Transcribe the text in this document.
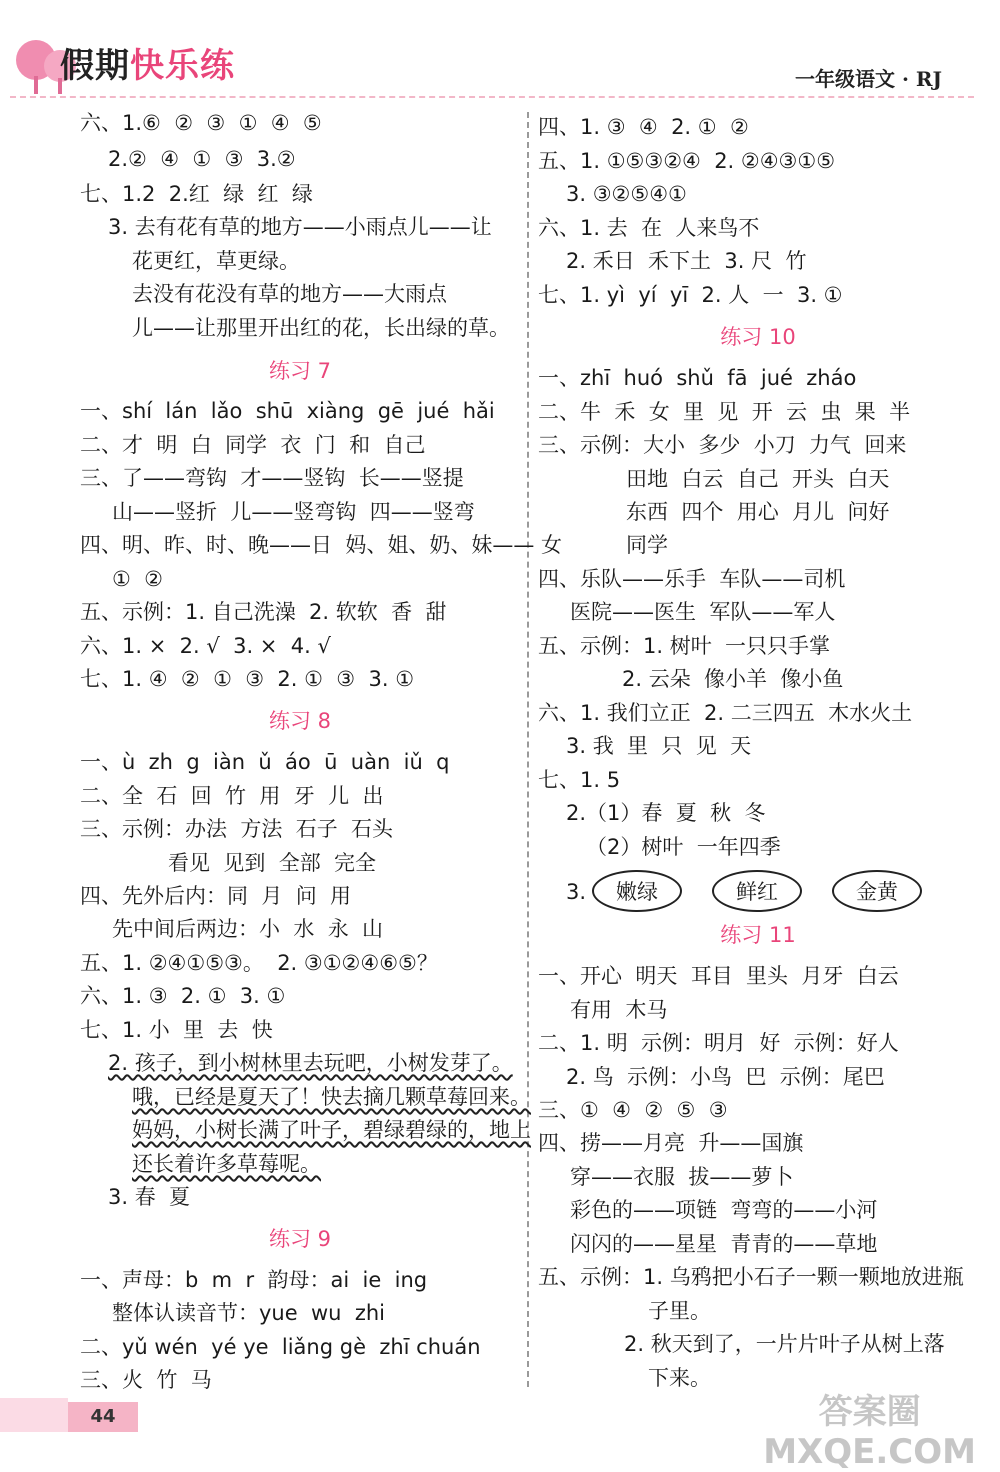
假期快乐练	一年级语文 · RJ
六、1.⑥  ②  ③  ①  ④  ⑤
2.②  ④  ①  ③  3.②
七、1.2  2.红  绿  红  绿
3. 去有花有草的地方——小雨点儿——让
花更红，草更绿。
去没有花没有草的地方——大雨点
儿——让那里开出红的花，长出绿的草。
一、shí  lán  lǎo  shū  xiàng  gē  jué  hǎi
二、才  明  白  同学  衣  门  和  自己
三、了——弯钩  才——竖钩  长——竖提
山——竖折  儿——竖弯钩  四——竖弯
四、明、昨、时、晚——日  妈、姐、奶、妹—— 女
①  ②
五、示例：1. 自己洗澡  2. 软软  香  甜
六、1. ×  2. √  3. ×  4. √
七、1. ④  ②  ①  ③  2. ①  ③  3. ①
一、ù  zh  g  iàn  ǔ  áo  ū  uàn  iǔ  q
二、全  石  回  竹  用  牙  儿  出
三、示例：办法  方法  石子  石头
看见  见到  全部  完全
四、先外后内：同  月  问  用
先中间后两边：小  水  永  山
五、1. ②④①⑤③。  2. ③①②④⑥⑤？
六、1. ③  2. ①  3. ①
七、1. 小  里  去  快
2. 孩子，到小树林里去玩吧，小树发芽了。
哦，已经是夏天了！快去摘几颗草莓回来。
妈妈，小树长满了叶子，碧绿碧绿的，地上
还长着许多草莓呢。
3. 春  夏
一、声母：b  m  r  韵母：ai  ie  ing
整体认读音节：yue  wu  zhi
二、yǔ wén  yé ye  liǎng gè  zhī chuán
三、火  竹  马
练习 7
练习 8
练习 9
3.	嫩绿	鲜红	金黄
四、1. ③  ④  2. ①  ②
五、1. ①⑤③②④  2. ②④③①⑤
3. ③②⑤④①
六、1. 去  在  人来鸟不
2. 禾日  禾下土  3. 尺  竹
七、1. yì  yí  yī  2. 人  一  3. ①
一、zhī  huó  shǔ  fā  jué  zháo
二、牛  禾  女  里  见  开  云  虫  果  半
三、示例：大小  多少  小刀  力气  回来
田地  白云  自己  开头  白天
东西  四个  用心  月儿  问好
同学
四、乐队——乐手  车队——司机
医院——医生  军队——军人
五、示例：1. 树叶  一只只手掌
2. 云朵  像小羊  像小鱼
六、1. 我们立正  2. 二三四五  木水火土
3. 我  里  只  见  天
七、1. 5
2.（1）春  夏  秋  冬
（2）树叶  一年四季
一、开心  明天  耳目  里头  月牙  白云
有用  木马
二、1. 明  示例：明月  好  示例：好人
2. 鸟  示例：小鸟  巴  示例：尾巴
三、①  ④  ②  ⑤  ③
四、捞——月亮  升——国旗
穿——衣服  拔——萝卜
彩色的——项链  弯弯的——小河
闪闪的——星星  青青的——草地
五、示例：1. 乌鸦把小石子一颗一颗地放进瓶
子里。
2. 秋天到了，一片片叶子从树上落
下来。
练习 10
练习 11
44	答案圈
MXQE.COM
